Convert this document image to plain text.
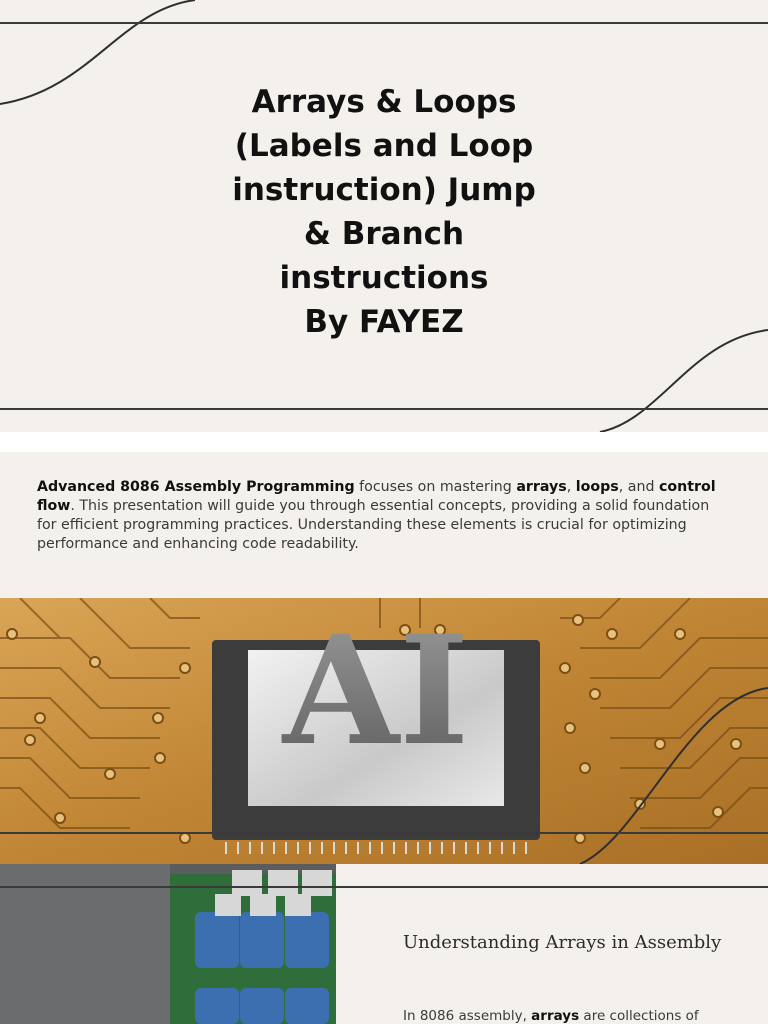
Arrays & Loops
(Labels and Loop
instruction) Jump
& Branch
instructions
By FAYEZ

Advanced 8086 Assembly Programming focuses on mastering arrays, loops, and control flow. This presentation will guide you through essential concepts, providing a solid foundation for efficient programming practices. Understanding these elements is crucial for optimizing performance and enhancing code readability.

AI
Understanding Arrays in Assembly

In 8086 assembly, arrays are collections of
